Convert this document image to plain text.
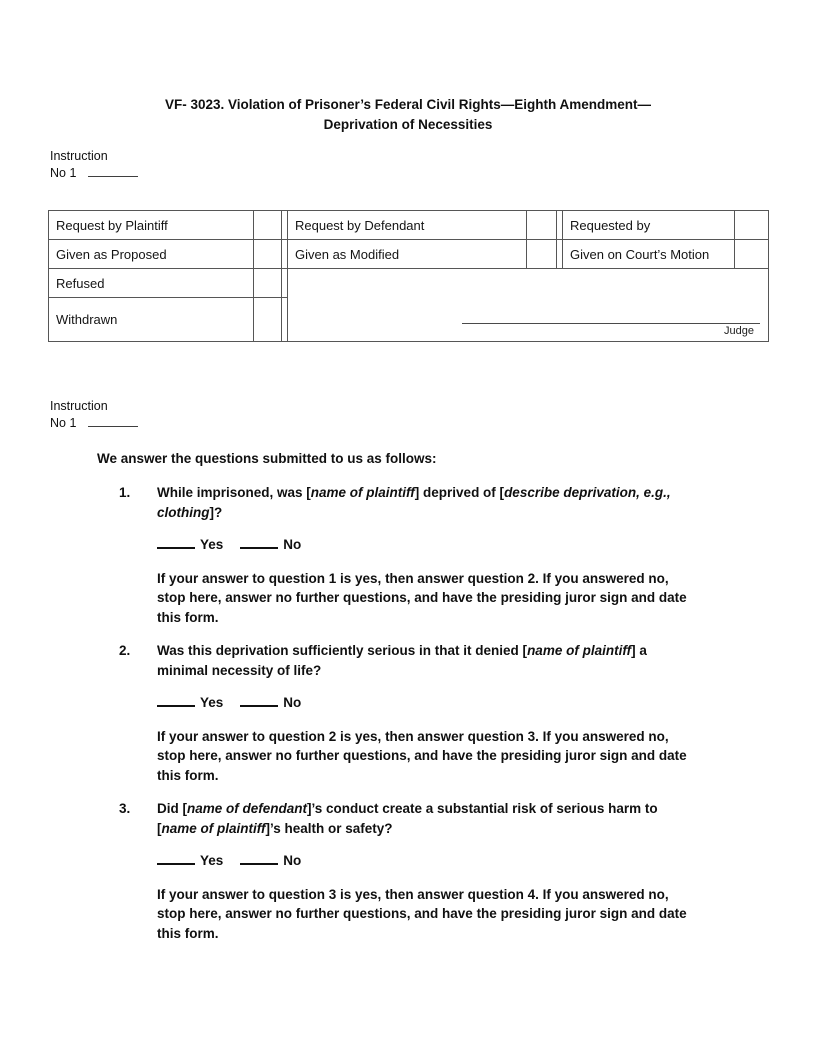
VF- 3023. Violation of Prisoner’s Federal Civil Rights—Eighth Amendment—
Deprivation of Necessities
Instruction
No 1
Request by Plaintiff			Request by Defendant			Requested by	
Given as Proposed			Given as Modified			Given on Court’s Motion	
Refused			Judge				

Withdrawn							
Instruction
No 1

We answer the questions submitted to us as follows:

1.	While imprisoned, was [name of plaintiff] deprived of [describe deprivation, e.g., clothing]?
Yes	No
If your answer to question 1 is yes, then answer question 2. If you answered no, stop here, answer no further questions, and have the presiding juror sign and date this form.
2.	Was this deprivation sufficiently serious in that it denied [name of plaintiff] a minimal necessity of life?
Yes	No
If your answer to question 2 is yes, then answer question 3. If you answered no, stop here, answer no further questions, and have the presiding juror sign and date this form.
3.	Did [name of defendant]’s conduct create a substantial risk of serious harm to [name of plaintiff]’s health or safety?
Yes	No
If your answer to question 3 is yes, then answer question 4. If you answered no, stop here, answer no further questions, and have the presiding juror sign and date this form.
